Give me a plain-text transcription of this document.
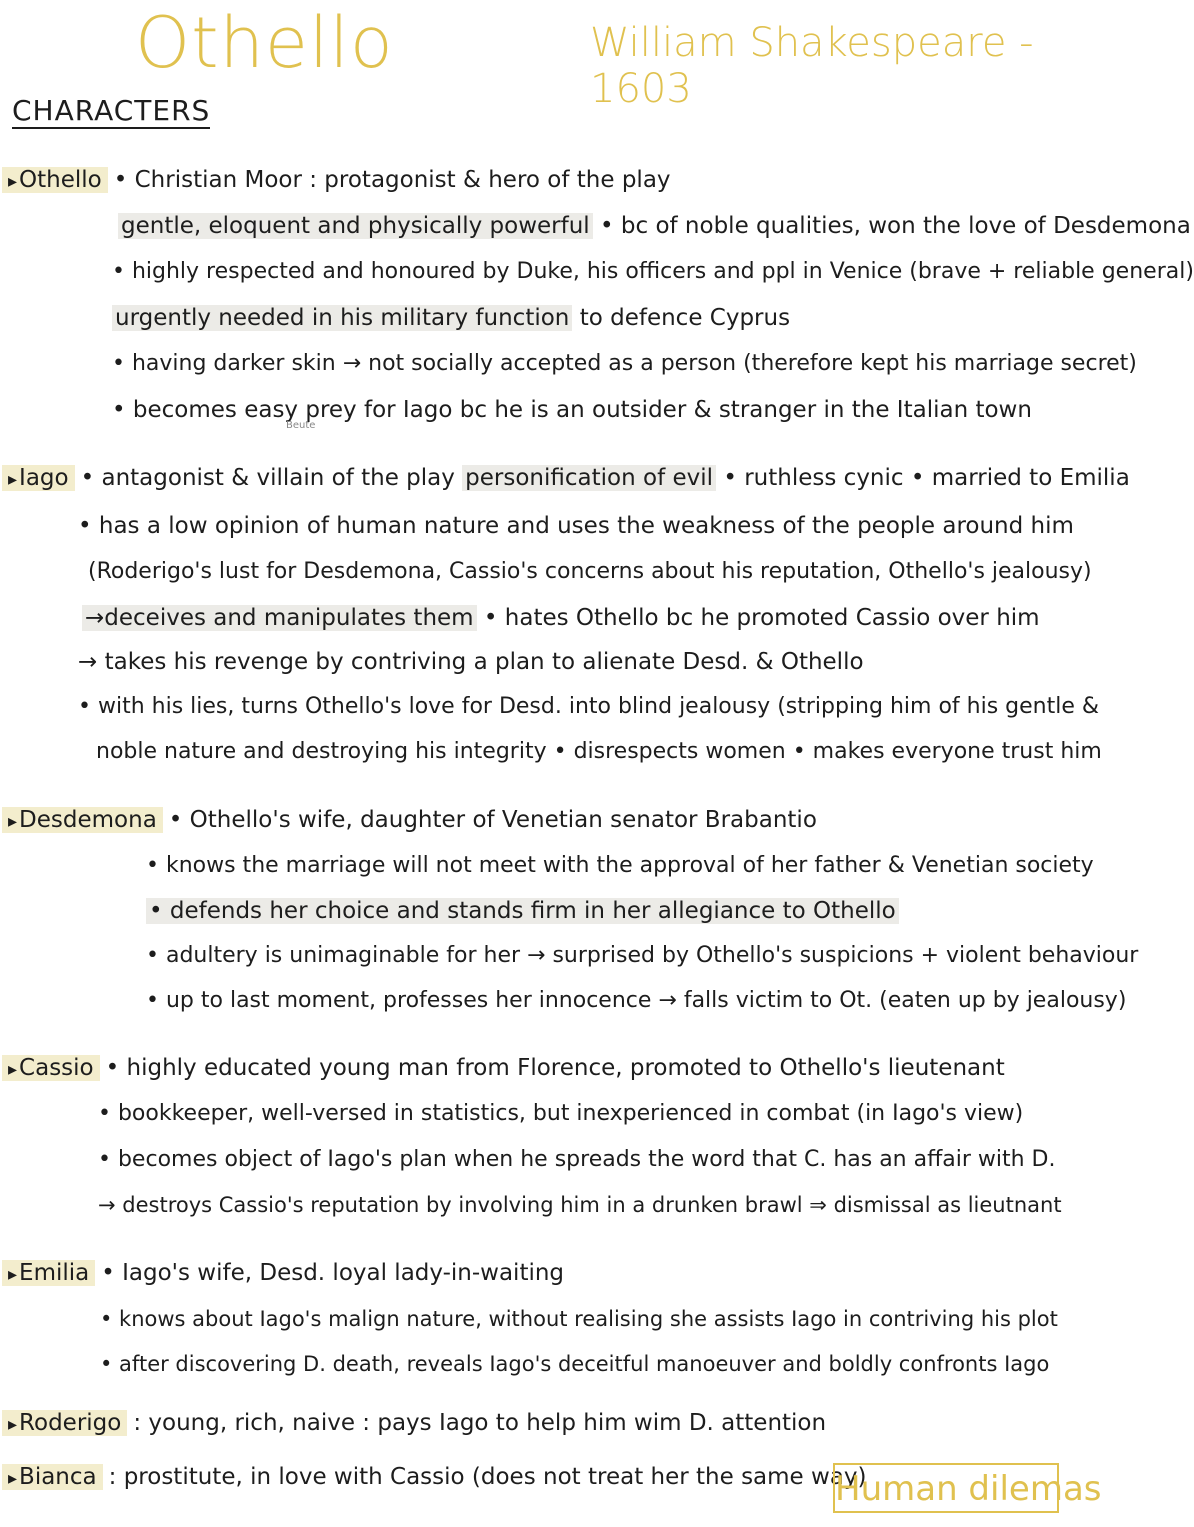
Othello	William Shakespeare - 1603
CHARACTERS
▸ Othello • Christian Moor : protagonist & hero of the play
gentle, eloquent and physically powerful • bc of noble qualities, won the love of Desdemona
• highly respected and honoured by Duke, his officers and ppl in Venice (brave + reliable general)
urgently needed in his military function to defence Cyprus
• having darker skin → not socially accepted as a person (therefore kept his marriage secret)
• becomes easy prey for Iago bc he is an outsider & stranger in the Italian town
Beute
▸ Iago • antagonist & villain of the play personification of evil • ruthless cynic • married to Emilia
• has a low opinion of human nature and uses the weakness of the people around him
(Roderigo's lust for Desdemona, Cassio's concerns about his reputation, Othello's jealousy)
→deceives and manipulates them • hates Othello bc he promoted Cassio over him
→ takes his revenge by contriving a plan to alienate Desd. & Othello
• with his lies, turns Othello's love for Desd. into blind jealousy (stripping him of his gentle &
noble nature and destroying his integrity • disrespects women • makes everyone trust him
▸ Desdemona • Othello's wife, daughter of Venetian senator Brabantio
• knows the marriage will not meet with the approval of her father & Venetian society
• defends her choice and stands firm in her allegiance to Othello
• adultery is unimaginable for her → surprised by Othello's suspicions + violent behaviour
• up to last moment, professes her innocence → falls victim to Ot. (eaten up by jealousy)
▸ Cassio • highly educated young man from Florence, promoted to Othello's lieutenant
• bookkeeper, well-versed in statistics, but inexperienced in combat (in Iago's view)
• becomes object of Iago's plan when he spreads the word that C. has an affair with D.
→ destroys Cassio's reputation by involving him in a drunken brawl ⇒ dismissal as lieutnant
▸ Emilia • Iago's wife, Desd. loyal lady-in-waiting
• knows about Iago's malign nature, without realising she assists Iago in contriving his plot
• after discovering D. death, reveals Iago's deceitful manoeuver and boldly confronts Iago
▸ Roderigo : young, rich, naive : pays Iago to help him wim D. attention
▸ Bianca : prostitute, in love with Cassio (does not treat her the same way)
Human dilemas
